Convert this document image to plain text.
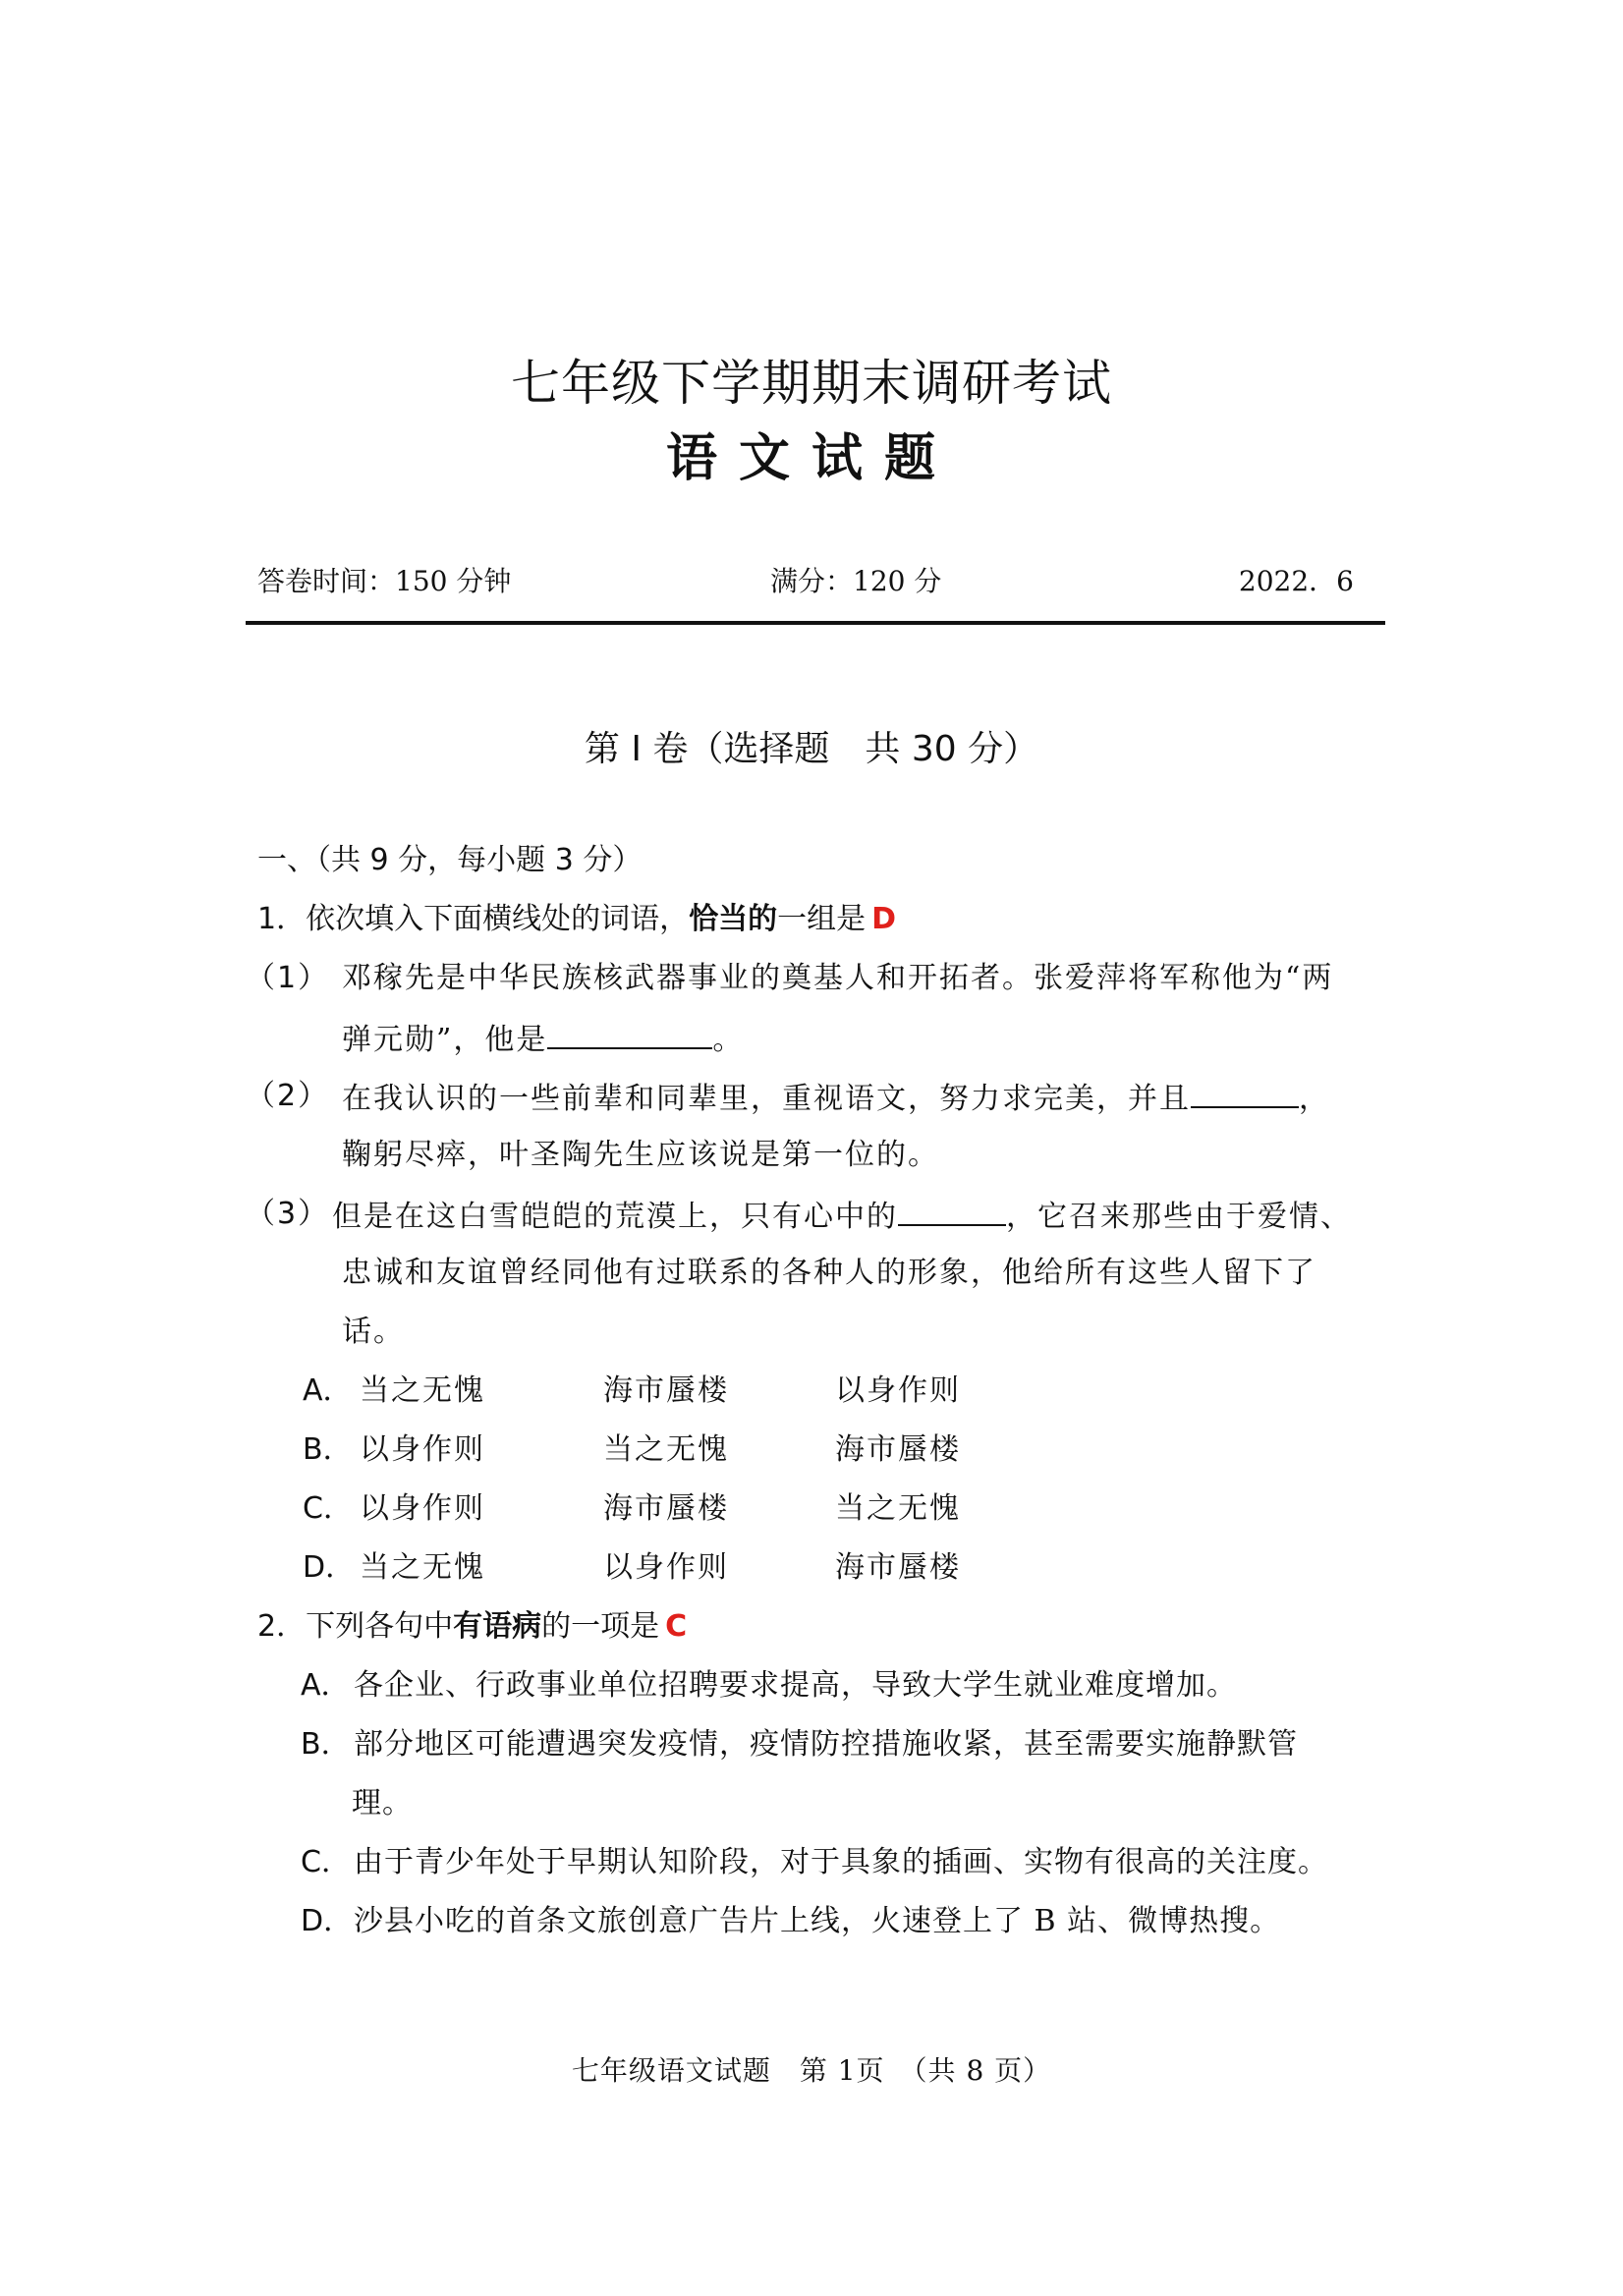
七年级下学期期末调研考试
语文试题
答卷时间：150 分钟	满分：120 分	2022．6
第 I 卷（选择题　共 30 分）
一、（共 9 分，每小题 3 分）
1．依次填入下面横线处的词语，恰当的一组是 D
（1） 邓稼先是中华民族核武器事业的奠基人和开拓者。张爱萍将军称他为“两
弹元勋”，他是	。
（2） 在我认识的一些前辈和同辈里，重视语文，努力求完美，并且	，
鞠躬尽瘁，叶圣陶先生应该说是第一位的。
（3） 但是在这白雪皑皑的荒漠上，只有心中的	，它召来那些由于爱情、
忠诚和友谊曾经同他有过联系的各种人的形象，他给所有这些人留下了
话。
A． 当之无愧	海市蜃楼	以身作则
B． 以身作则	当之无愧	海市蜃楼
C． 以身作则	海市蜃楼	当之无愧
D． 当之无愧	以身作则	海市蜃楼
2．下列各句中有语病的一项是 C
A． 各企业、行政事业单位招聘要求提高，导致大学生就业难度增加。
B． 部分地区可能遭遇突发疫情，疫情防控措施收紧，甚至需要实施静默管
理。
C． 由于青少年处于早期认知阶段，对于具象的插画、实物有很高的关注度。
D． 沙县小吃的首条文旅创意广告片上线，火速登上了 B 站、微博热搜。
七年级语文试题　第 1页　（共 8 页）
